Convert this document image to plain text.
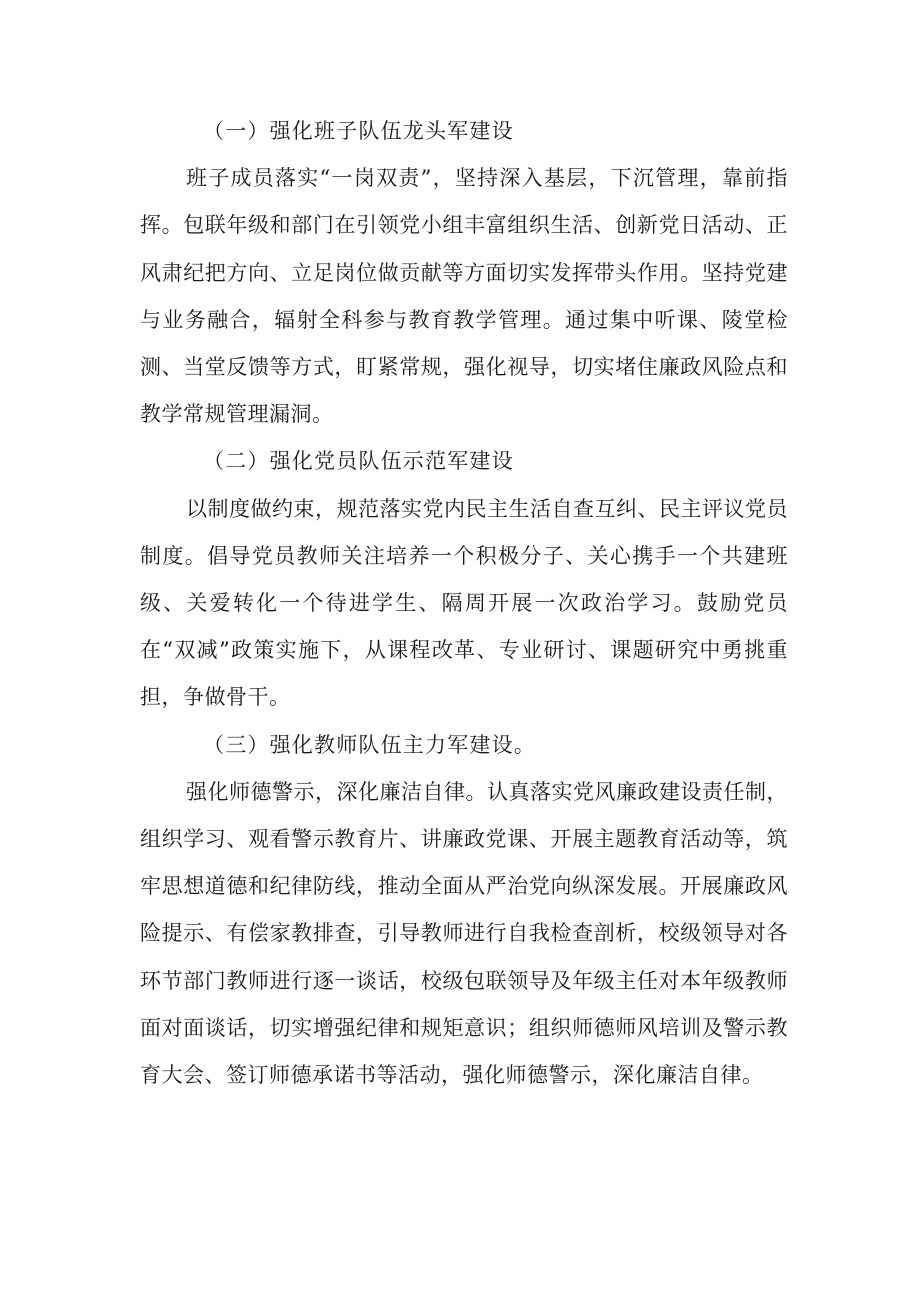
（一）强化班子队伍龙头军建设

班子成员落实“一岗双责”，坚持深入基层，下沉管理，靠前指挥。包联年级和部门在引领党小组丰富组织生活、创新党日活动、正风肃纪把方向、立足岗位做贡献等方面切实发挥带头作用。坚持党建与业务融合，辐射全科参与教育教学管理。通过集中听课、陵堂检测、当堂反馈等方式，盯紧常规，强化视导，切实堵住廉政风险点和教学常规管理漏洞。

（二）强化党员队伍示范军建设

以制度做约束，规范落实党内民主生活自查互纠、民主评议党员制度。倡导党员教师关注培养一个积极分子、关心携手一个共建班级、关爱转化一个待进学生、隔周开展一次政治学习。鼓励党员在“双减”政策实施下，从课程改革、专业研讨、课题研究中勇挑重担，争做骨干。

（三）强化教师队伍主力军建设。

强化师德警示，深化廉洁自律。认真落实党风廉政建设责任制，组织学习、观看警示教育片、讲廉政党课、开展主题教育活动等，筑牢思想道德和纪律防线，推动全面从严治党向纵深发展。开展廉政风险提示、有偿家教排查，引导教师进行自我检查剖析，校级领导对各环节部门教师进行逐一谈话，校级包联领导及年级主任对本年级教师面对面谈话，切实增强纪律和规矩意识；组织师德师风培训及警示教育大会、签订师德承诺书等活动，强化师德警示，深化廉洁自律。
